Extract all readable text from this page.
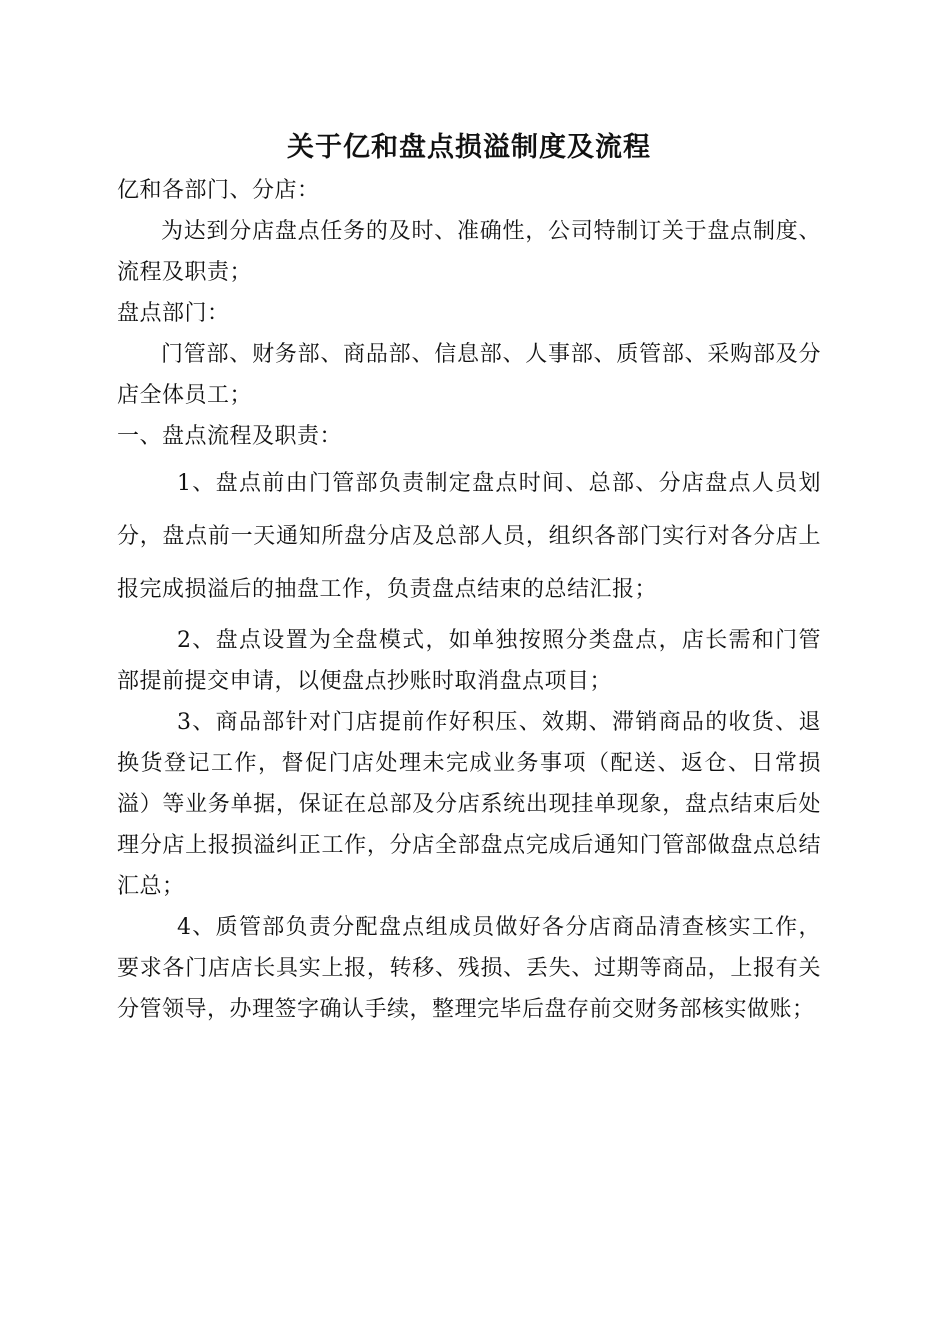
关于亿和盘点损溢制度及流程

亿和各部门、分店：

为达到分店盘点任务的及时、准确性，公司特制订关于盘点制度、流程及职责；

盘点部门：

门管部、财务部、商品部、信息部、人事部、质管部、采购部及分店全体员工；

一、盘点流程及职责：

1、盘点前由门管部负责制定盘点时间、总部、分店盘点人员划分，盘点前一天通知所盘分店及总部人员，组织各部门实行对各分店上报完成损溢后的抽盘工作，负责盘点结束的总结汇报；

2、盘点设置为全盘模式，如单独按照分类盘点，店长需和门管部提前提交申请，以便盘点抄账时取消盘点项目；

3、商品部针对门店提前作好积压、效期、滞销商品的收货、退换货登记工作，督促门店处理未完成业务事项（配送、返仓、日常损溢）等业务单据，保证在总部及分店系统出现挂单现象，盘点结束后处理分店上报损溢纠正工作，分店全部盘点完成后通知门管部做盘点总结汇总；

4、质管部负责分配盘点组成员做好各分店商品清查核实工作，要求各门店店长具实上报，转移、残损、丢失、过期等商品，上报有关分管领导，办理签字确认手续，整理完毕后盘存前交财务部核实做账；
